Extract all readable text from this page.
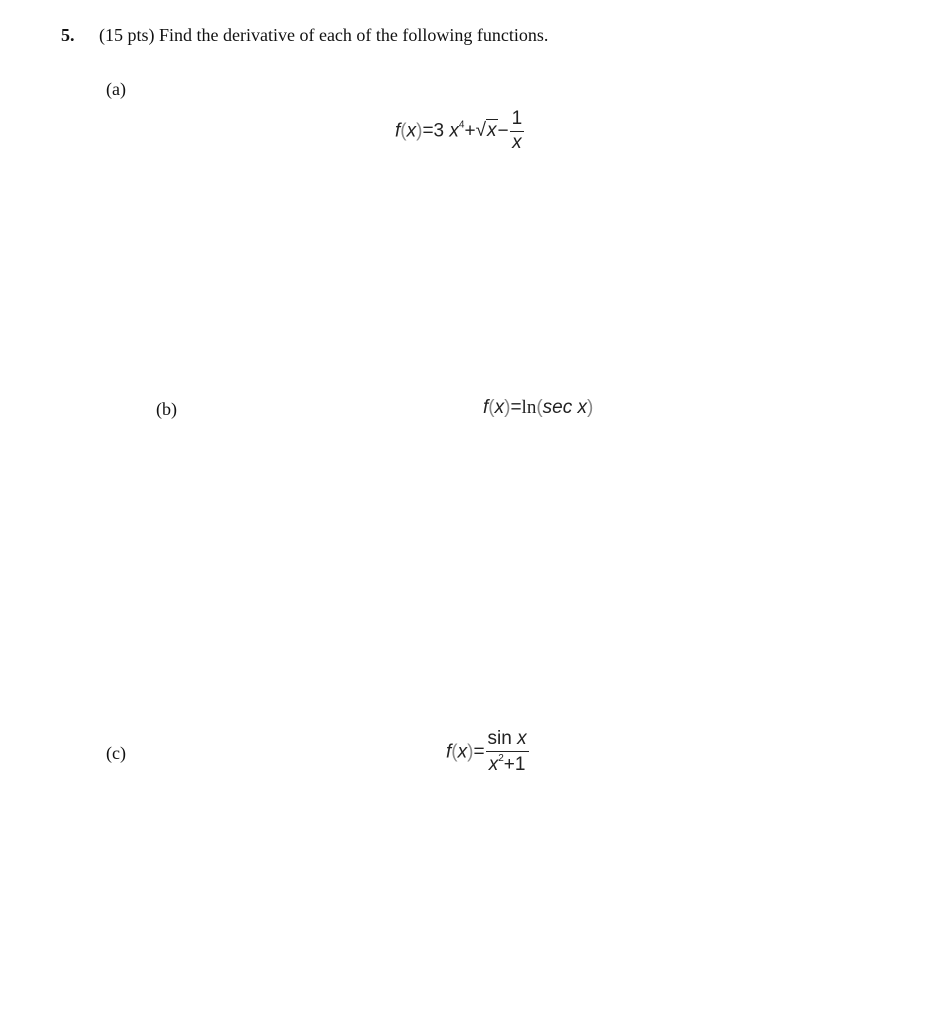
5. (15 pts) Find the derivative of each of the following functions.
(a)
f(x)=3 $x^4+√x- \frac{1}{x}$
(b)	f(x)=ln(sec x)
(c)	$f(x)= \frac{\text{sin x}}{x^2+1}$
